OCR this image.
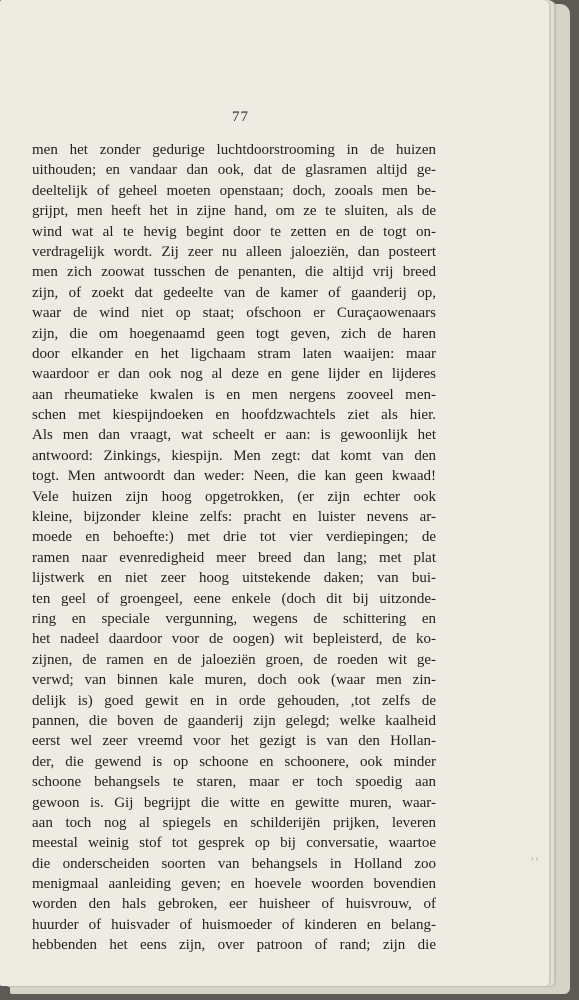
77
men het zonder gedurige luchtdoorstrooming in de huizen
uithouden; en vandaar dan ook, dat de glasramen altijd ge-
deeltelijk of geheel moeten openstaan; doch, zooals men be-
grijpt, men heeft het in zijne hand, om ze te sluiten, als de
wind wat al te hevig begint door te zetten en de togt on-
verdragelijk wordt. Zij zeer nu alleen jaloeziën, dan posteert
men zich zoowat tusschen de penanten, die altijd vrij breed
zijn, of zoekt dat gedeelte van de kamer of gaanderij op,
waar de wind niet op staat; ofschoon er Curaçaowenaars
zijn, die om hoegenaamd geen togt geven, zich de haren
door elkander en het ligchaam stram laten waaijen: maar
waardoor er dan ook nog al deze en gene lijder en lijderes
aan rheumatieke kwalen is en men nergens zooveel men-
schen met kiespijndoeken en hoofdzwachtels ziet als hier.
Als men dan vraagt, wat scheelt er aan: is gewoonlijk het
antwoord: Zinkings, kiespijn. Men zegt: dat komt van den
togt. Men antwoordt dan weder: Neen, die kan geen kwaad!
Vele huizen zijn hoog opgetrokken, (er zijn echter ook
kleine, bijzonder kleine zelfs: pracht en luister nevens ar-
moede en behoefte:) met drie tot vier verdiepingen; de
ramen naar evenredigheid meer breed dan lang; met plat
lijstwerk en niet zeer hoog uitstekende daken; van bui-
ten geel of groengeel, eene enkele (doch dit bij uitzonde-
ring en speciale vergunning, wegens de schittering en
het nadeel daardoor voor de oogen) wit bepleisterd, de ko-
zijnen, de ramen en de jaloeziën groen, de roeden wit ge-
verwd; van binnen kale muren, doch ook (waar men zin-
delijk is) goed gewit en in orde gehouden, ,tot zelfs de
pannen, die boven de gaanderij zijn gelegd; welke kaalheid
eerst wel zeer vreemd voor het gezigt is van den Hollan-
der, die gewend is op schoone en schoonere, ook minder
schoone behangsels te staren, maar er toch spoedig aan
gewoon is. Gij begrijpt die witte en gewitte muren, waar-
aan toch nog al spiegels en schilderijën prijken, leveren
meestal weinig stof tot gesprek op bij conversatie, waartoe
die onderscheiden soorten van behangsels in Holland zoo
menigmaal aanleiding geven; en hoevele woorden bovendien
worden den hals gebroken, eer huisheer of huisvrouw, of
huurder of huisvader of huismoeder of kinderen en belang-
hebbenden het eens zijn, over patroon of rand; zijn die
› ›
